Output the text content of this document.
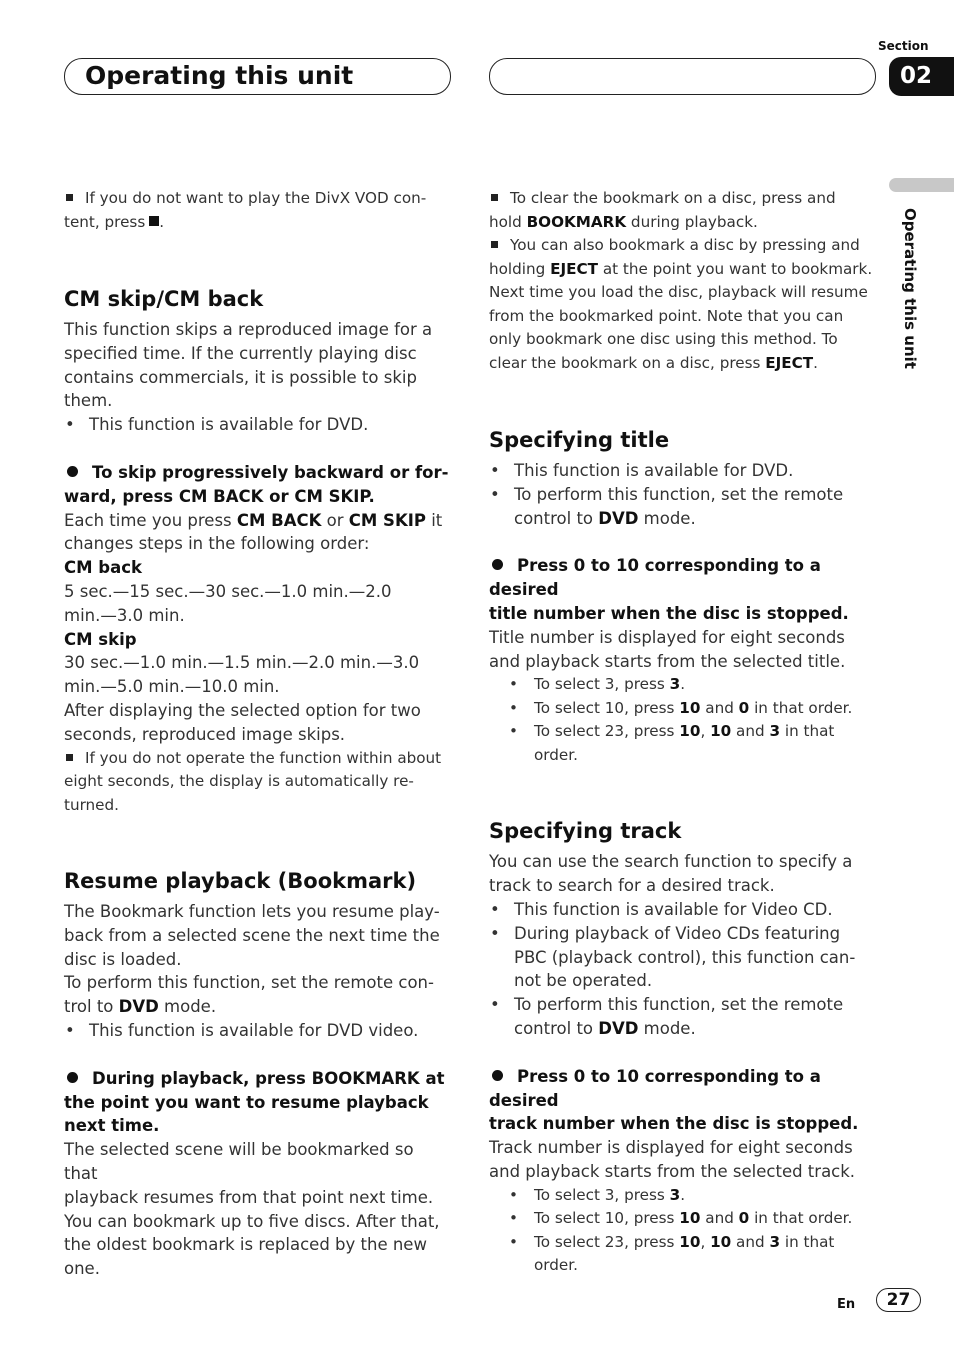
Operating this unit
Section
02
Operating this unit

If you do not want to play the DivX VOD con-
tent, press .

CM skip/CM back

This function skips a reproduced image for a
specified time. If the currently playing disc
contains commercials, it is possible to skip
them.

• This function is available for DVD.

To skip progressively backward or for-
ward, press CM BACK or CM SKIP.

Each time you press CM BACK or CM SKIP it
changes steps in the following order:

CM back

5 sec.—15 sec.—30 sec.—1.0 min.—2.0
min.—3.0 min.

CM skip

30 sec.—1.0 min.—1.5 min.—2.0 min.—3.0
min.—5.0 min.—10.0 min.

After displaying the selected option for two
seconds, reproduced image skips.

If you do not operate the function within about
eight seconds, the display is automatically re-
turned.

Resume playback (Bookmark)

The Bookmark function lets you resume play-
back from a selected scene the next time the
disc is loaded.

To perform this function, set the remote con-
trol to DVD mode.

• This function is available for DVD video.

During playback, press BOOKMARK at
the point you want to resume playback
next time.

The selected scene will be bookmarked so that
playback resumes from that point next time.
You can bookmark up to five discs. After that,
the oldest bookmark is replaced by the new
one.

To clear the bookmark on a disc, press and
hold BOOKMARK during playback.

You can also bookmark a disc by pressing and
holding EJECT at the point you want to bookmark.
Next time you load the disc, playback will resume
from the bookmarked point. Note that you can
only bookmark one disc using this method. To
clear the bookmark on a disc, press EJECT.

Specifying title

• This function is available for DVD.

• To perform this function, set the remote
control to DVD mode.

Press 0 to 10 corresponding to a desired
title number when the disc is stopped.

Title number is displayed for eight seconds
and playback starts from the selected title.

• To select 3, press 3.

• To select 10, press 10 and 0 in that order.

• To select 23, press 10, 10 and 3 in that
order.

Specifying track

You can use the search function to specify a
track to search for a desired track.

• This function is available for Video CD.

• During playback of Video CDs featuring
PBC (playback control), this function can-
not be operated.

• To perform this function, set the remote
control to DVD mode.

Press 0 to 10 corresponding to a desired
track number when the disc is stopped.

Track number is displayed for eight seconds
and playback starts from the selected track.

• To select 3, press 3.

• To select 10, press 10 and 0 in that order.

• To select 23, press 10, 10 and 3 in that
order.

En	27
